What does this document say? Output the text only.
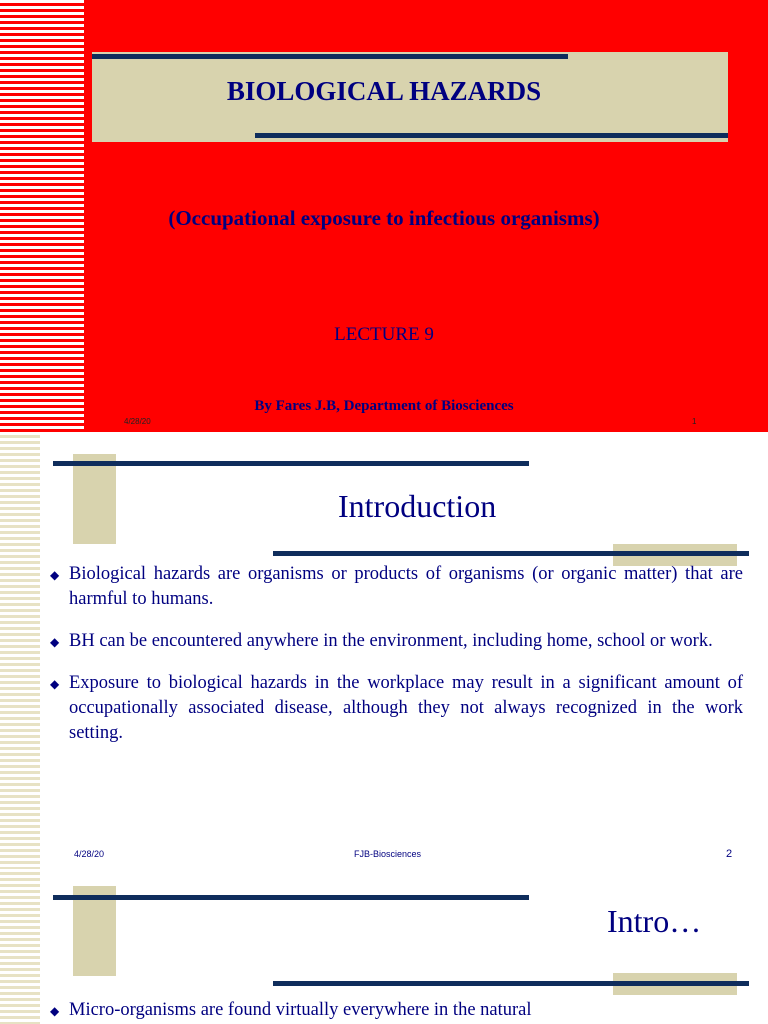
BIOLOGICAL HAZARDS
(Occupational exposure to infectious organisms)
LECTURE 9
By Fares J.B, Department of Biosciences
4/28/20	1
Introduction
◆ Biological hazards are organisms or products of organisms (or organic matter) that are harmful to humans.
◆ BH can be encountered anywhere in the environment, including home, school or work.
◆ Exposure to biological hazards in the workplace may result in a significant amount of occupationally associated disease, although they not always recognized in the work setting.
4/28/20	FJB-Biosciences	2
Intro…
◆ Micro-organisms are found virtually everywhere in the natural
